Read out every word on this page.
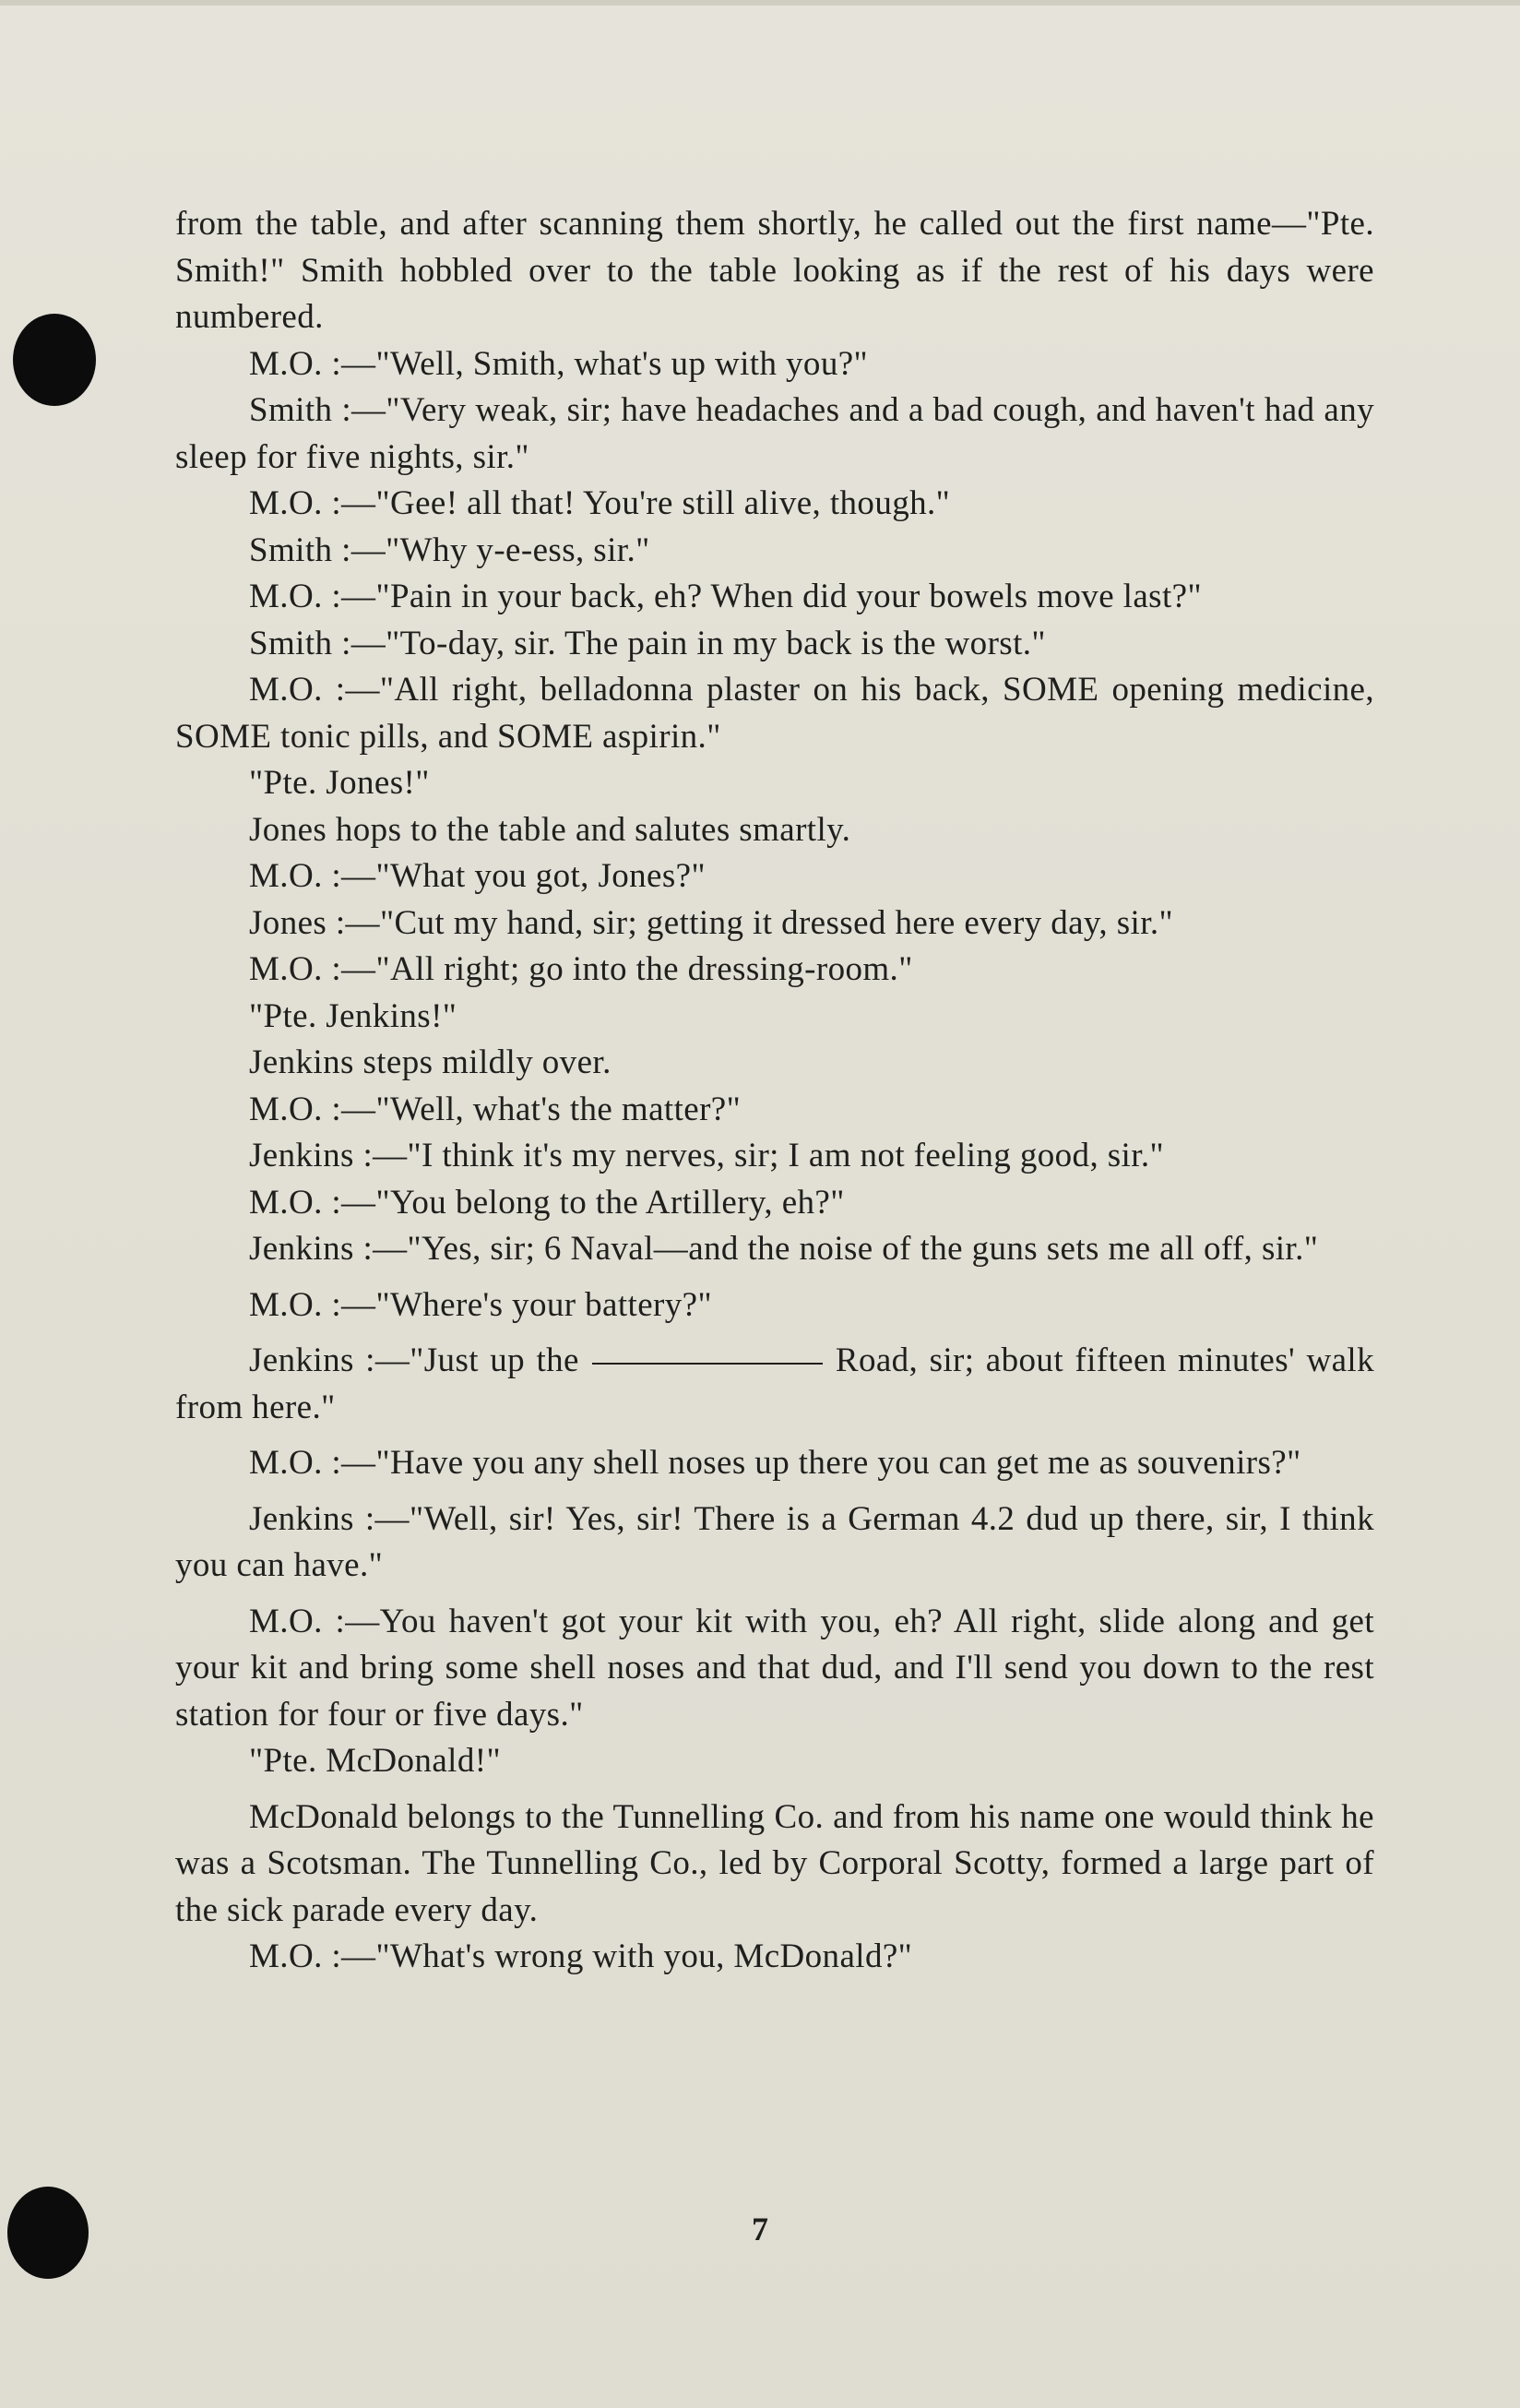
from the table, and after scanning them shortly, he called out the first name—"Pte. Smith!" Smith hobbled over to the table looking as if the rest of his days were numbered.

M.O. :—"Well, Smith, what's up with you?"

Smith :—"Very weak, sir; have headaches and a bad cough, and haven't had any sleep for five nights, sir."

M.O. :—"Gee! all that! You're still alive, though."

Smith :—"Why y-e-ess, sir."

M.O. :—"Pain in your back, eh? When did your bowels move last?"

Smith :—"To-day, sir. The pain in my back is the worst."

M.O. :—"All right, belladonna plaster on his back, SOME opening medicine, SOME tonic pills, and SOME aspirin."

"Pte. Jones!"

Jones hops to the table and salutes smartly.

M.O. :—"What you got, Jones?"

Jones :—"Cut my hand, sir; getting it dressed here every day, sir."

M.O. :—"All right; go into the dressing-room."

"Pte. Jenkins!"

Jenkins steps mildly over.

M.O. :—"Well, what's the matter?"

Jenkins :—"I think it's my nerves, sir; I am not feeling good, sir."

M.O. :—"You belong to the Artillery, eh?"

Jenkins :—"Yes, sir; 6 Naval—and the noise of the guns sets me all off, sir."

M.O. :—"Where's your battery?"

Jenkins :—"Just up the	Road, sir; about fifteen minutes' walk from here."

M.O. :—"Have you any shell noses up there you can get me as souvenirs?"

Jenkins :—"Well, sir! Yes, sir! There is a German 4.2 dud up there, sir, I think you can have."

M.O. :—You haven't got your kit with you, eh? All right, slide along and get your kit and bring some shell noses and that dud, and I'll send you down to the rest station for four or five days."

"Pte. McDonald!"

McDonald belongs to the Tunnelling Co. and from his name one would think he was a Scotsman. The Tunnelling Co., led by Corporal Scotty, formed a large part of the sick parade every day.

M.O. :—"What's wrong with you, McDonald?"

7
